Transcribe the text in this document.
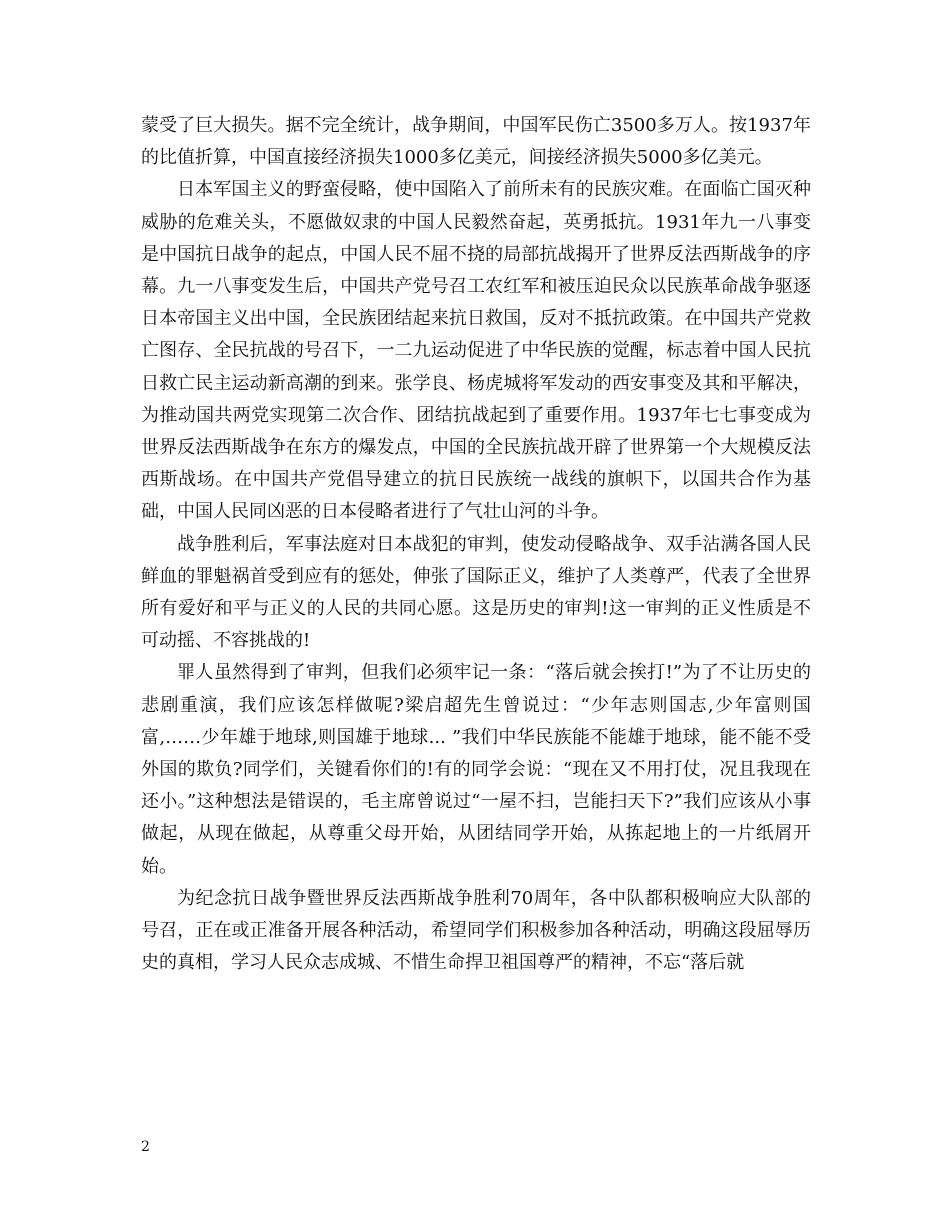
蒙受了巨大损失。据不完全统计，战争期间，中国军民伤亡3500多万人。按1937年的比值折算，中国直接经济损失1000多亿美元，间接经济损失5000多亿美元。

日本军国主义的野蛮侵略，使中国陷入了前所未有的民族灾难。在面临亡国灭种威胁的危难关头，不愿做奴隶的中国人民毅然奋起，英勇抵抗。1931年九一八事变是中国抗日战争的起点，中国人民不屈不挠的局部抗战揭开了世界反法西斯战争的序幕。九一八事变发生后，中国共产党号召工农红军和被压迫民众以民族革命战争驱逐日本帝国主义出中国，全民族团结起来抗日救国，反对不抵抗政策。在中国共产党救亡图存、全民抗战的号召下，一二九运动促进了中华民族的觉醒，标志着中国人民抗日救亡民主运动新高潮的到来。张学良、杨虎城将军发动的西安事变及其和平解决，为推动国共两党实现第二次合作、团结抗战起到了重要作用。1937年七七事变成为世界反法西斯战争在东方的爆发点，中国的全民族抗战开辟了世界第一个大规模反法西斯战场。在中国共产党倡导建立的抗日民族统一战线的旗帜下，以国共合作为基础，中国人民同凶恶的日本侵略者进行了气壮山河的斗争。

战争胜利后，军事法庭对日本战犯的审判，使发动侵略战争、双手沾满各国人民鲜血的罪魁祸首受到应有的惩处，伸张了国际正义，维护了人类尊严，代表了全世界所有爱好和平与正义的人民的共同心愿。这是历史的审判!这一审判的正义性质是不可动摇、不容挑战的!

罪人虽然得到了审判，但我们必须牢记一条：“落后就会挨打!”为了不让历史的悲剧重演，我们应该怎样做呢?梁启超先生曾说过：“少年志则国志,少年富则国富,……少年雄于地球,则国雄于地球... ”我们中华民族能不能雄于地球，能不能不受外国的欺负?同学们，关键看你们的!有的同学会说：“现在又不用打仗，况且我现在还小。”这种想法是错误的，毛主席曾说过“一屋不扫，岂能扫天下?”我们应该从小事做起，从现在做起，从尊重父母开始，从团结同学开始，从拣起地上的一片纸屑开始。

为纪念抗日战争暨世界反法西斯战争胜利70周年，各中队都积极响应大队部的号召，正在或正准备开展各种活动，希望同学们积极参加各种活动，明确这段屈辱历史的真相，学习人民众志成城、不惜生命捍卫祖国尊严的精神，不忘“落后就

2
